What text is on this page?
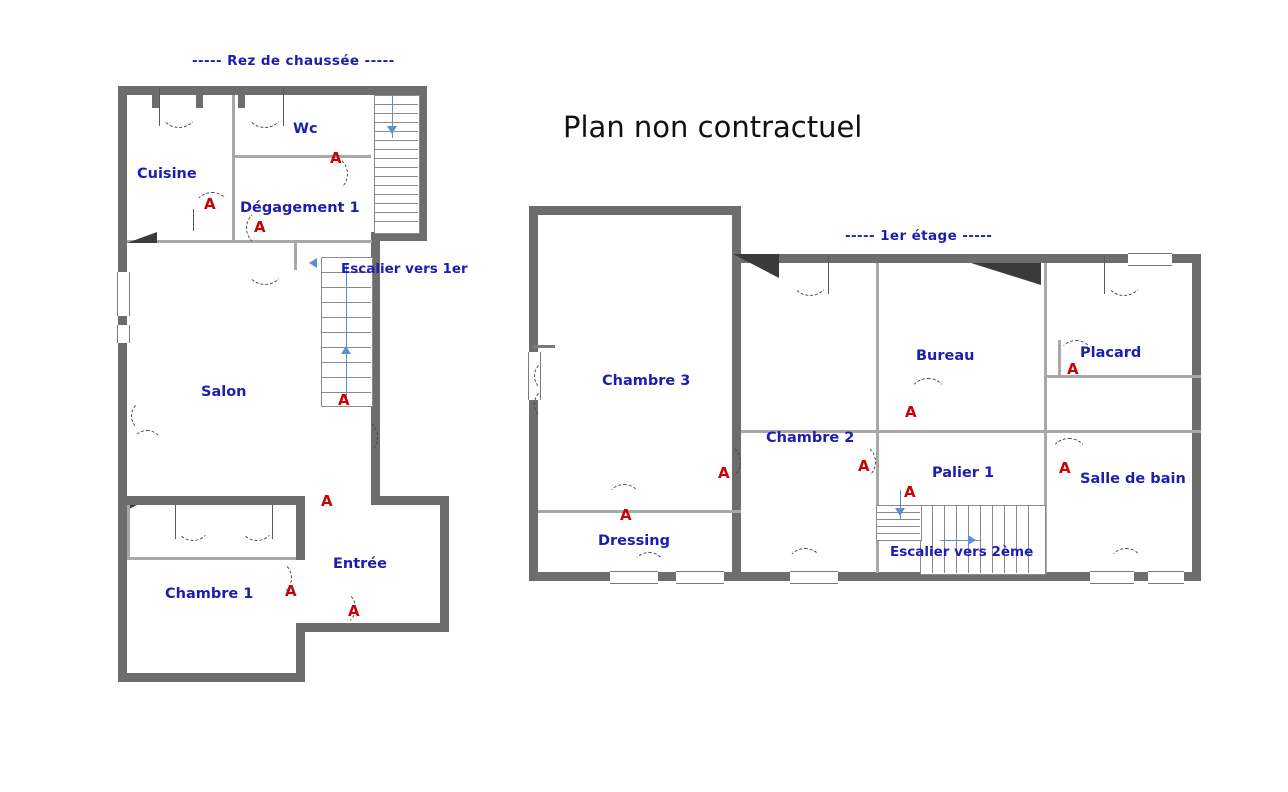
Plan non contractuel
----- Rez de chaussée -----
Escalier vers 1er
Cuisine
Wc
Dégagement 1
Salon
Chambre 1
Entrée
A
A
A
A
A
A
A
----- 1er étage -----
Escalier vers 2ème
Chambre 3
Chambre 2
Dressing
Bureau
Palier 1
Placard
Salle de bain
A
A
A
A
A
A
A
